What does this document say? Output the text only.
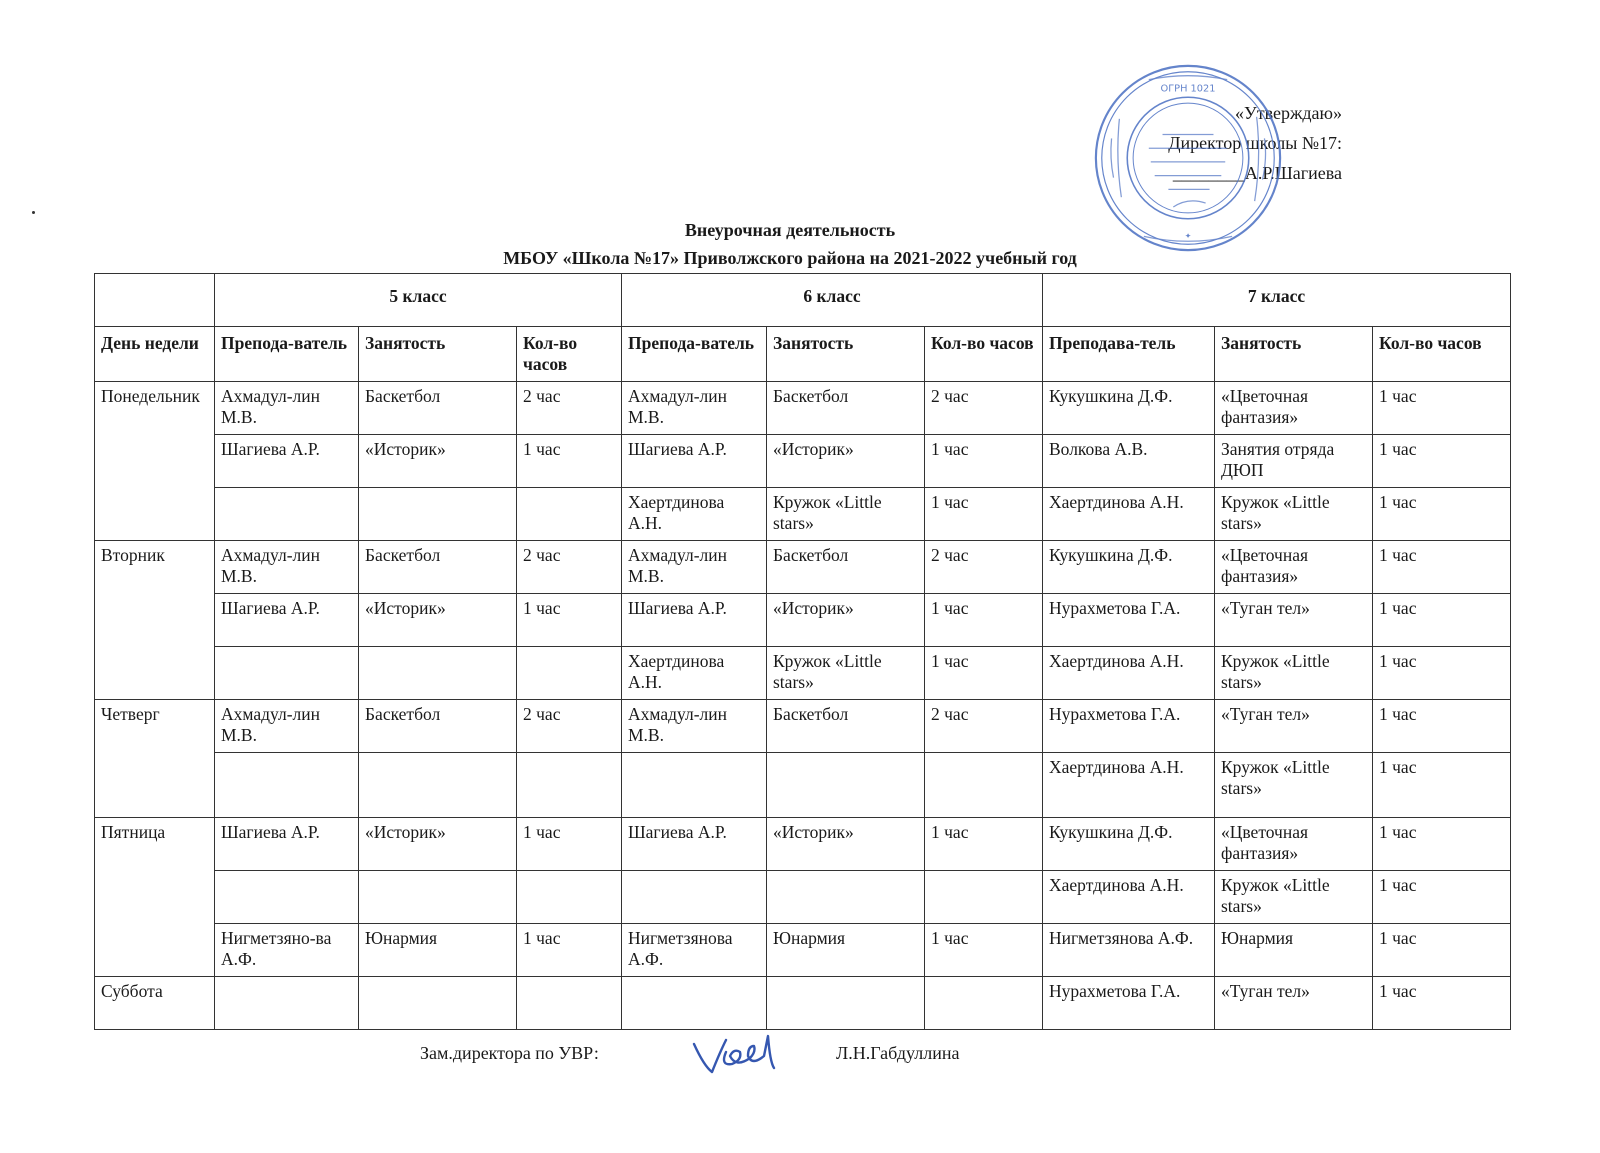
«Утверждаю»
Директор школы №17:
________А.Р.Шагиева
ОГРН 1021
✦
Внеурочная деятельность
МБОУ «Школа №17» Приволжского района на 2021-2022 учебный год
	5 класс			6 класс			7 класс		
День недели	Препода-ватель	Занятость	Кол-во часов	Препода-ватель	Занятость	Кол-во часов	Преподава-тель	Занятость	Кол-во часов
Понедельник	Ахмадул-лин М.В.	Баскетбол	2 час	Ахмадул-лин М.В.	Баскетбол	2 час	Кукушкина Д.Ф.	«Цветочная фантазия»	1 час
	Шагиева А.Р.	«Историк»	1 час	Шагиева А.Р.	«Историк»	1 час	Волкова А.В.	Занятия отряда ДЮП	1 час
				Хаертдинова А.Н.	Кружок «Little stars»	1 час	Хаертдинова А.Н.	Кружок «Little stars»	1 час
Вторник	Ахмадул-лин М.В.	Баскетбол	2 час	Ахмадул-лин М.В.	Баскетбол	2 час	Кукушкина Д.Ф.	«Цветочная фантазия»	1 час
	Шагиева А.Р.	«Историк»	1 час	Шагиева А.Р.	«Историк»	1 час	Нурахметова Г.А.	«Туган тел»	1 час
				Хаертдинова А.Н.	Кружок «Little stars»	1 час	Хаертдинова А.Н.	Кружок «Little stars»	1 час
Четверг	Ахмадул-лин М.В.	Баскетбол	2 час	Ахмадул-лин М.В.	Баскетбол	2 час	Нурахметова Г.А.	«Туган тел»	1 час
							Хаертдинова А.Н.	Кружок «Little stars»	1 час
Пятница	Шагиева А.Р.	«Историк»	1 час	Шагиева А.Р.	«Историк»	1 час	Кукушкина Д.Ф.	«Цветочная фантазия»	1 час
							Хаертдинова А.Н.	Кружок «Little stars»	1 час
	Нигметзяно-ва А.Ф.	Юнармия	1 час	Нигметзянова А.Ф.	Юнармия	1 час	Нигметзянова А.Ф.	Юнармия	1 час
Суббота							Нурахметова Г.А.	«Туган тел»	1 час
Зам.директора по УВР:	Л.Н.Габдуллина
